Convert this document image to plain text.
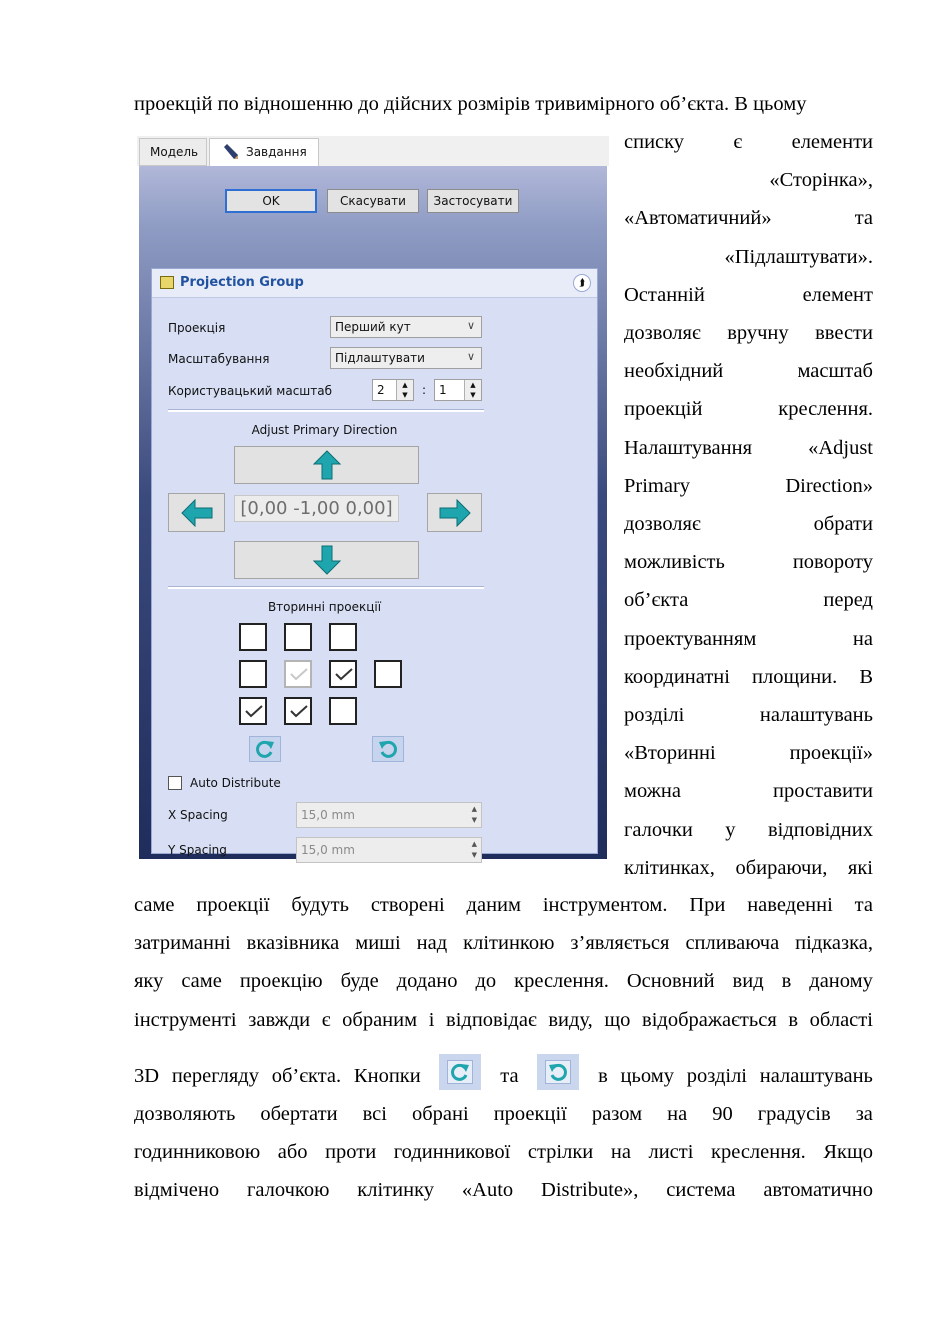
проекцій по відношенню до дійсних розмірів тривимірного об’єкта. В цьому
списку є елементи
«Сторінка»,
«Автоматичний»	та
«Підлаштувати».
Останній	елемент
дозволяє вручну ввести
необхідний	масштаб
проекцій	креслення.
Налаштування	«Adjust
Primary	Direction»
дозволяє	обрати
можливість	повороту
об’єкта	перед
проектуванням	на
координатні площини. В
розділі	налаштувань
«Вторинні	проекції»
можна	проставити
галочки у відповідних
клітинках, обираючи, які
саме проекції будуть створені даним інструментом. При наведенні та
затриманні вказівника миші над клітинкою з’являється спливаюча підказка,
яку саме проекцію буде додано до креслення. Основний вид в даному
інструменті завжди є обраним і відповідає виду, що відображається в області
3D перегляду об’єкта. Кнопки	та	в цьому розділі налаштувань
Модель	Завдання
OK	Скасувати	Застосувати
Projection Group	⮭
Проекція	Перший кут	∨
Масштабування	Підлаштувати	∨
Користувацький масштаб	2	▲
▼	:	1	▲
▼
Adjust Primary Direction
[0,00 -1,00 0,00]
Вторинні проекції
Auto Distribute
X Spacing	15,0 mm	▲
▼
Y Spacing	15,0 mm	▲
▼
дозволяють обертати всі обрані проекції разом на 90 градусів за
годинниковою або проти годинникової стрілки на листі креслення. Якщо
відмічено галочкою клітинку «Auto Distribute», система автоматично
